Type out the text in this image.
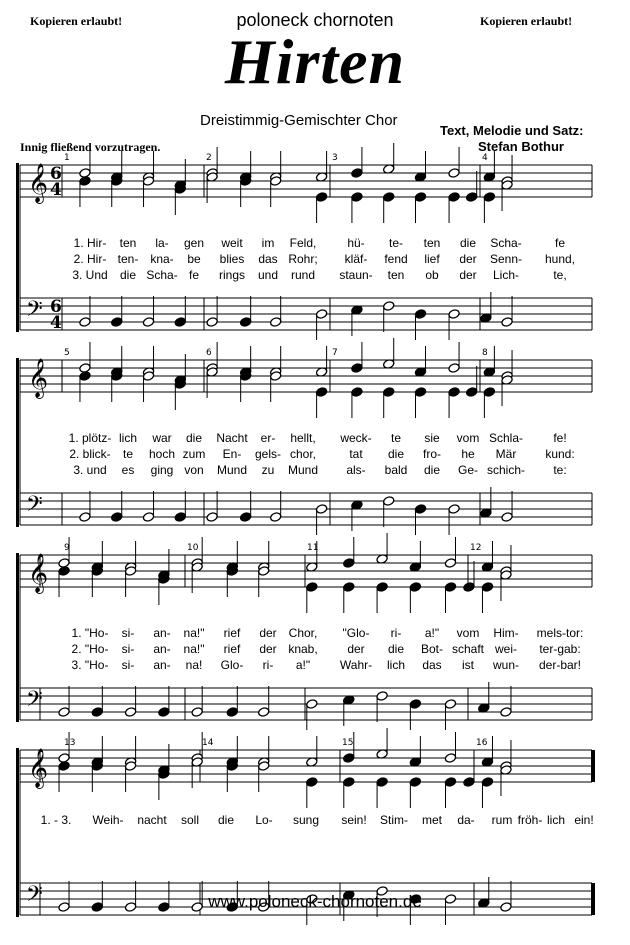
Kopieren erlaubt!	Kopieren erlaubt!
poloneck chornoten
Hirten
Dreistimmig-Gemischter Chor
Text, Melodie und Satz:
Stefan Bothur
Innig fließend vorzutragen.
𝄞
𝄢
6
6
4
4
1	2	3	4
𝄞
𝄢
5	6	7	8
𝄞
𝄢
9	10	11	12
𝄞
𝄢
13	14	15	16
1. Hir- ten la- gen weit im Feld,	hü- te- ten die Scha-	fe
2. Hir- ten- kna- be blies das Rohr; kläf- fend lief der Senn- hund,
3. Und die Scha- fe rings und rund staun- ten ob der Lich-	te,
1. plötz- lich war die Nacht er- hellt, weck- te sie vom Schla-	fe!
2. blick- te hoch zum En- gels- chor,	tat die fro- he Mär kund:
3. und es ging von Mund zu Mund als- bald die Ge- schich- te:
1. "Ho- si- an- na!" rief der Chor, "Glo- ri- a!" vom Him- mels-tor:
2. "Ho- si- an- na!" rief der knab, der die Bot- schaft wei- ter-gab:
3. "Ho- si- an- na! Glo- ri- a!" Wahr- lich das ist wun- der-bar!
1. - 3. Weih- nacht soll die Lo- sung sein! Stim- met da- rum fröh- lich ein!
www.poloneck-chornoten.de
